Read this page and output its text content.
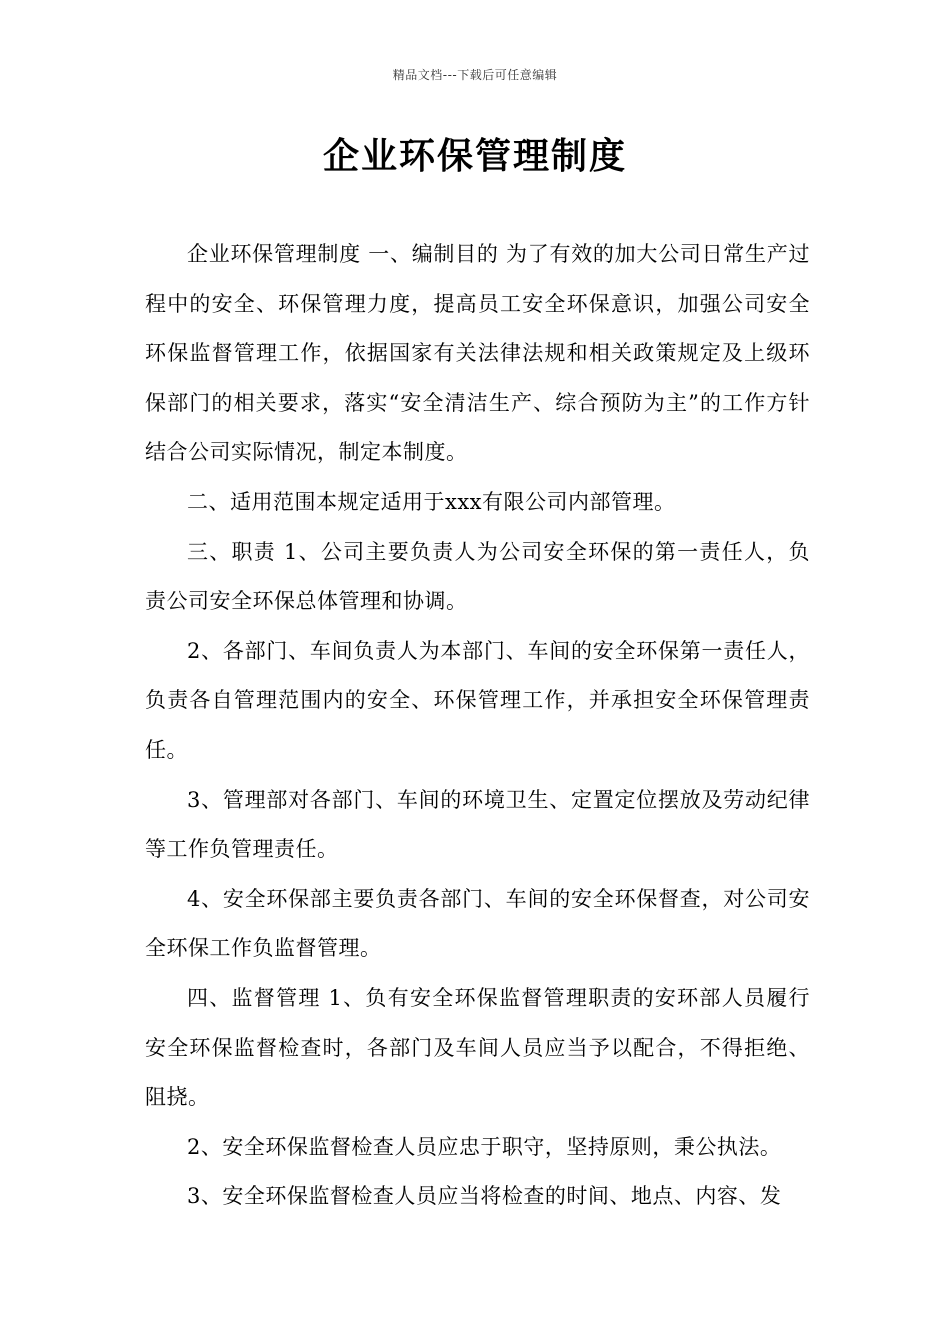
精品文档---下载后可任意编辑
企业环保管理制度

企业环保管理制度 一、编制目的 为了有效的加大公司日常生产过程中的安全、环保管理力度，提高员工安全环保意识，加强公司安全环保监督管理工作，依据国家有关法律法规和相关政策规定及上级环保部门的相关要求，落实“安全清洁生产、综合预防为主”的工作方针结合公司实际情况，制定本制度。

二、适用范围本规定适用于xxx有限公司内部管理。

三、职责 1、公司主要负责人为公司安全环保的第一责任人，负责公司安全环保总体管理和协调。

2、各部门、车间负责人为本部门、车间的安全环保第一责任人，负责各自管理范围内的安全、环保管理工作，并承担安全环保管理责任。

3、管理部对各部门、车间的环境卫生、定置定位摆放及劳动纪律等工作负管理责任。

4、安全环保部主要负责各部门、车间的安全环保督查，对公司安全环保工作负监督管理。

四、监督管理 1、负有安全环保监督管理职责的安环部人员履行安全环保监督检查时，各部门及车间人员应当予以配合，不得拒绝、阻挠。

2、安全环保监督检查人员应忠于职守，坚持原则，秉公执法。

3、安全环保监督检查人员应当将检查的时间、地点、内容、发
